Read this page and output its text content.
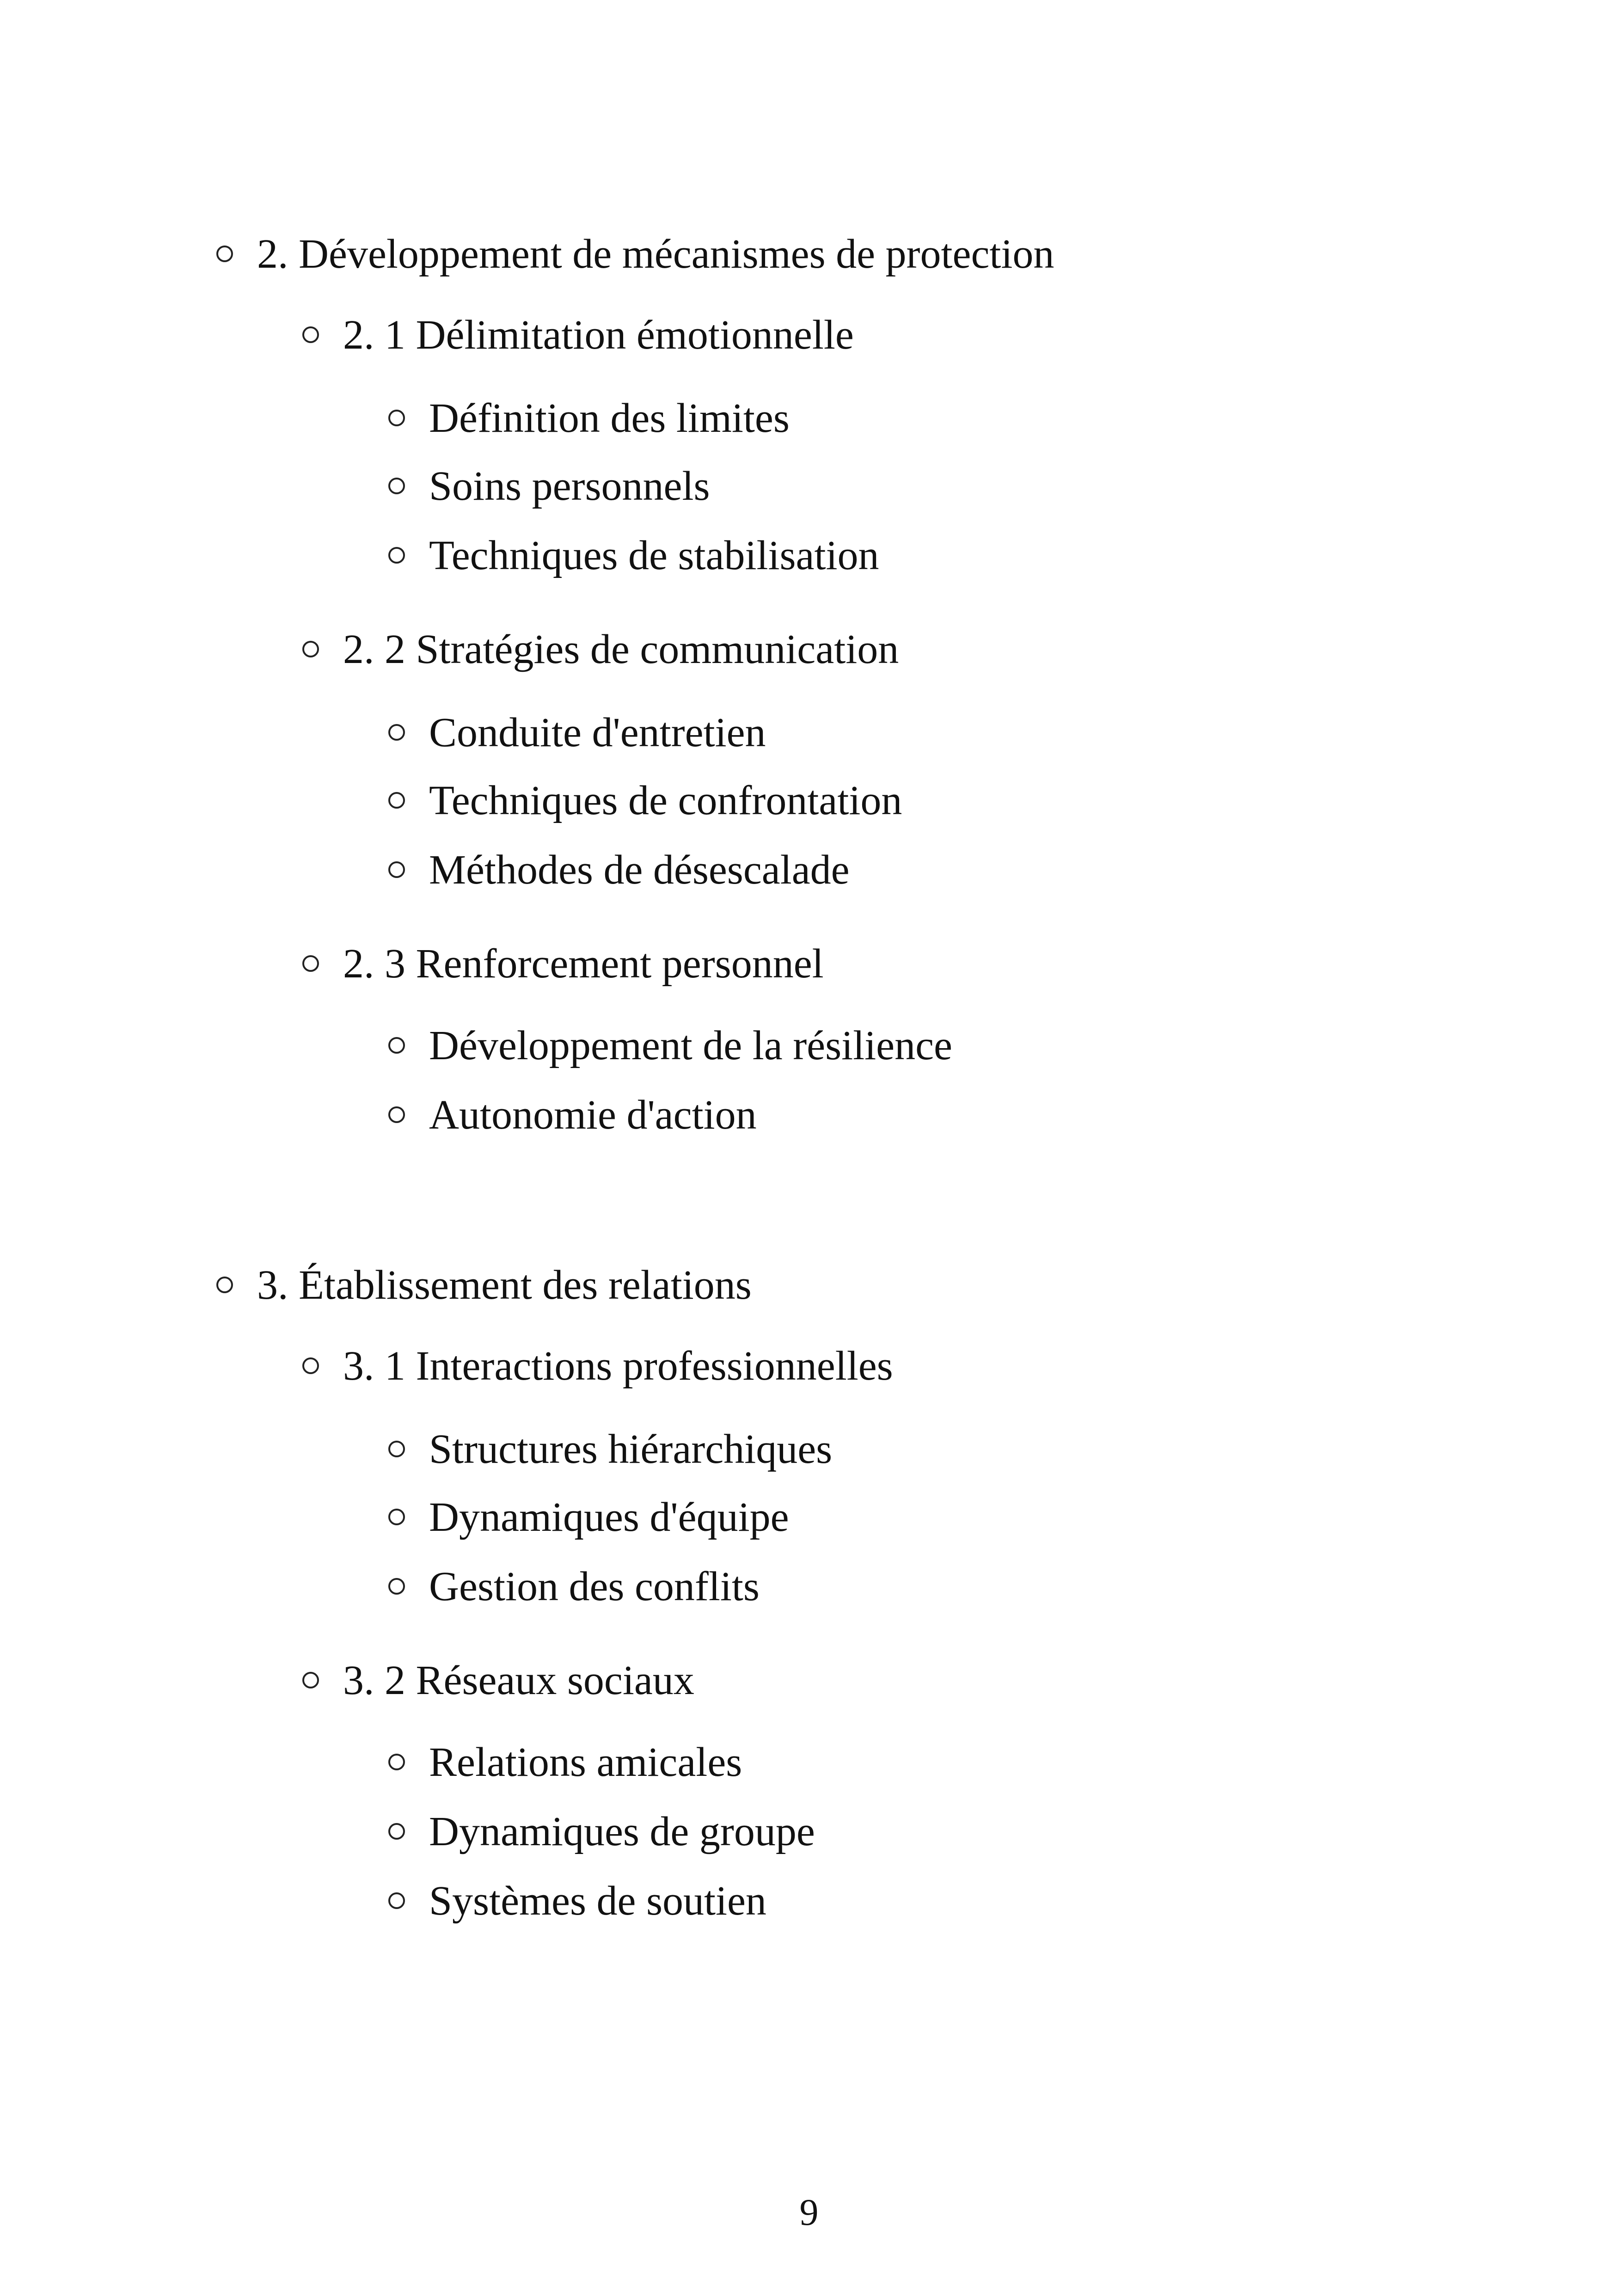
2. Développement de mécanismes de protection
2. 1 Délimitation émotionnelle
Définition des limites
Soins personnels
Techniques de stabilisation
2. 2 Stratégies de communication
Conduite d'entretien
Techniques de confrontation
Méthodes de désescalade
2. 3 Renforcement personnel
Développement de la résilience
Autonomie d'action
3. Établissement des relations
3. 1 Interactions professionnelles
Structures hiérarchiques
Dynamiques d'équipe
Gestion des conflits
3. 2 Réseaux sociaux
Relations amicales
Dynamiques de groupe
Systèmes de soutien
9
